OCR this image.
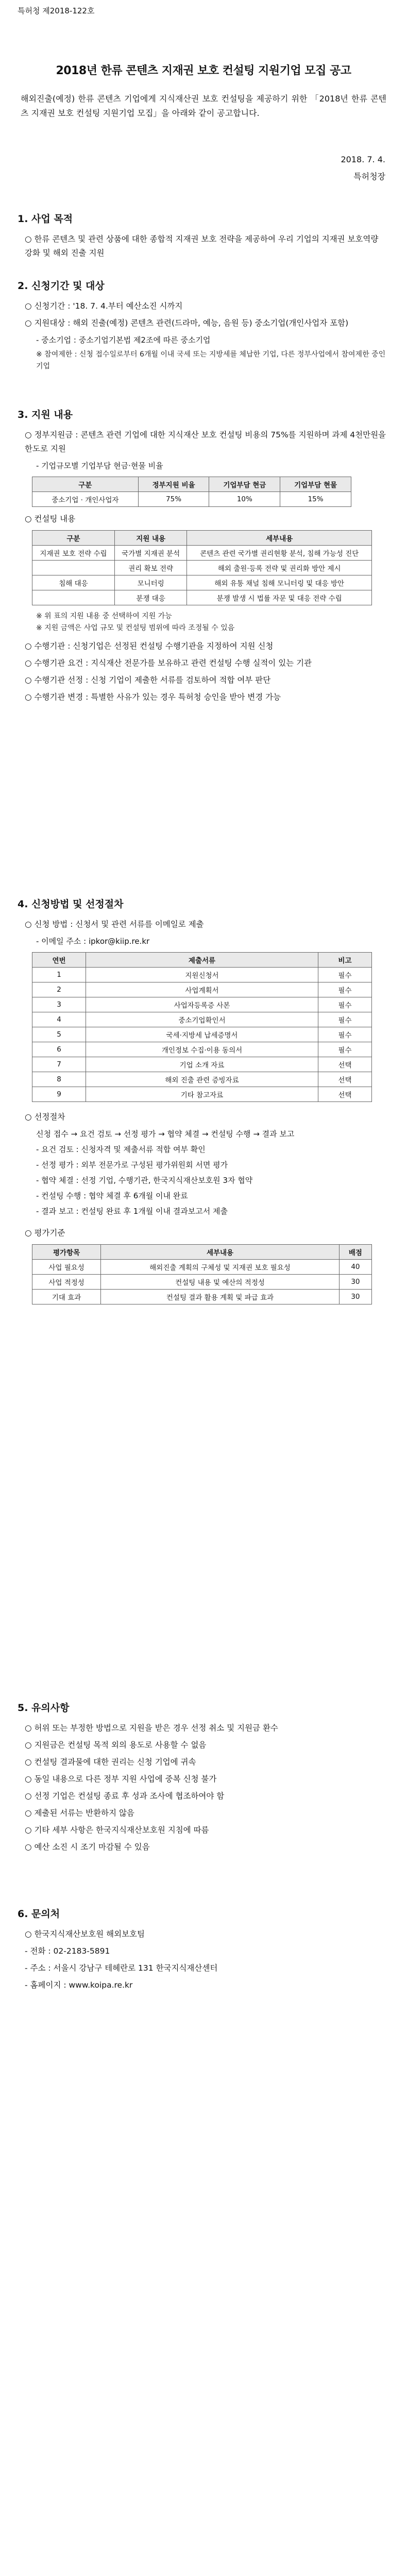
특허청 제2018-122호
2018년 한류 콘텐츠 지재권 보호 컨설팅 지원기업 모집 공고
해외진출(예정) 한류 콘텐츠 기업에게 지식재산권 보호 컨설팅을 제공하기 위한 「2018년 한류 콘텐츠 지재권 보호 컨설팅 지원기업 모집」을 아래와 같이 공고합니다.
2018. 7. 4.
특허청장
1. 사업 목적
○ 한류 콘텐츠 및 관련 상품에 대한 종합적 지재권 보호 전략을 제공하여 우리 기업의 지재권 보호역량 강화 및 해외 진출 지원
2. 신청기간 및 대상
○ 신청기간 : '18. 7. 4.부터 예산소진 시까지
○ 지원대상 : 해외 진출(예정) 콘텐츠 관련(드라마, 예능, 음원 등) 중소기업(개인사업자 포함)
- 중소기업 : 중소기업기본법 제2조에 따른 중소기업
※ 참여제한 : 신청 접수일로부터 6개월 이내 국세 또는 지방세를 체납한 기업, 다른 정부사업에서 참여제한 중인 기업
3. 지원 내용
○ 정부지원금 : 콘텐츠 관련 기업에 대한 지식재산 보호 컨설팅 비용의 75%를 지원하며 과제 4천만원을 한도로 지원
- 기업규모별 기업부담 현금·현물 비율
구분	정부지원 비율	기업부담 현금	기업부담 현물
중소기업 · 개인사업자	75%	10%	15%
○ 컨설팅 내용
구분	지원 내용	세부내용
지재권 보호 전략 수립	국가별 지재권 분석	콘텐츠 관련 국가별 권리현황 분석, 침해 가능성 진단
	권리 확보 전략	해외 출원·등록 전략 및 권리화 방안 제시
침해 대응	모니터링	해외 유통 채널 침해 모니터링 및 대응 방안
	분쟁 대응	분쟁 발생 시 법률 자문 및 대응 전략 수립
※ 위 표의 지원 내용 중 선택하여 지원 가능
※ 지원 금액은 사업 규모 및 컨설팅 범위에 따라 조정될 수 있음
○ 수행기관 : 신청기업은 선정된 컨설팅 수행기관을 지정하여 지원 신청
○ 수행기관 요건 : 지식재산 전문가를 보유하고 관련 컨설팅 수행 실적이 있는 기관
○ 수행기관 선정 : 신청 기업이 제출한 서류를 검토하여 적합 여부 판단
○ 수행기관 변경 : 특별한 사유가 있는 경우 특허청 승인을 받아 변경 가능
4. 신청방법 및 선정절차
○ 신청 방법 : 신청서 및 관련 서류를 이메일로 제출
- 이메일 주소 : ipkor@kiip.re.kr
연번	제출서류	비고
1	지원신청서	필수
2	사업계획서	필수
3	사업자등록증 사본	필수
4	중소기업확인서	필수
5	국세·지방세 납세증명서	필수
6	개인정보 수집·이용 동의서	필수
7	기업 소개 자료	선택
8	해외 진출 관련 증빙자료	선택
9	기타 참고자료	선택
○ 선정절차
신청 접수 → 요건 검토 → 선정 평가 → 협약 체결 → 컨설팅 수행 → 결과 보고
- 요건 검토 : 신청자격 및 제출서류 적합 여부 확인
- 선정 평가 : 외부 전문가로 구성된 평가위원회 서면 평가
- 협약 체결 : 선정 기업, 수행기관, 한국지식재산보호원 3자 협약
- 컨설팅 수행 : 협약 체결 후 6개월 이내 완료
- 결과 보고 : 컨설팅 완료 후 1개월 이내 결과보고서 제출
○ 평가기준
평가항목	세부내용	배점
사업 필요성	해외진출 계획의 구체성 및 지재권 보호 필요성	40
사업 적정성	컨설팅 내용 및 예산의 적정성	30
기대 효과	컨설팅 결과 활용 계획 및 파급 효과	30
5. 유의사항
○ 허위 또는 부정한 방법으로 지원을 받은 경우 선정 취소 및 지원금 환수
○ 지원금은 컨설팅 목적 외의 용도로 사용할 수 없음
○ 컨설팅 결과물에 대한 권리는 신청 기업에 귀속
○ 동일 내용으로 다른 정부 지원 사업에 중복 신청 불가
○ 선정 기업은 컨설팅 종료 후 성과 조사에 협조하여야 함
○ 제출된 서류는 반환하지 않음
○ 기타 세부 사항은 한국지식재산보호원 지침에 따름
○ 예산 소진 시 조기 마감될 수 있음
6. 문의처
○ 한국지식재산보호원 해외보호팀
- 전화 : 02-2183-5891
- 주소 : 서울시 강남구 테헤란로 131 한국지식재산센터
- 홈페이지 : www.koipa.re.kr
